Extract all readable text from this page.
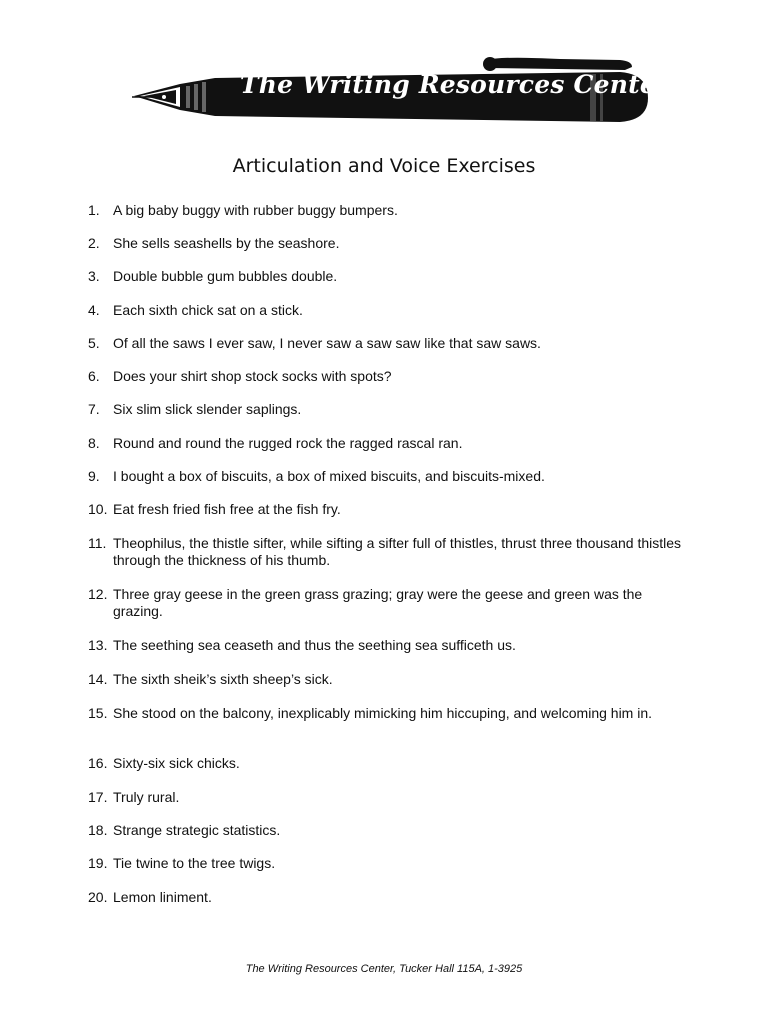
The Writing Resources Center
Articulation and Voice Exercises
1. A big baby buggy with rubber buggy bumpers.
2. She sells seashells by the seashore.
3. Double bubble gum bubbles double.
4. Each sixth chick sat on a stick.
5. Of all the saws I ever saw, I never saw a saw saw like that saw saws.
6. Does your shirt shop stock socks with spots?
7. Six slim slick slender saplings.
8. Round and round the rugged rock the ragged rascal ran.
9. I bought a box of biscuits, a box of mixed biscuits, and biscuits-mixed.
10. Eat fresh fried fish free at the fish fry.
11. Theophilus, the thistle sifter, while sifting a sifter full of thistles, thrust three thousand thistles through the thickness of his thumb.
12. Three gray geese in the green grass grazing; gray were the geese and green was the grazing.
13. The seething sea ceaseth and thus the seething sea sufficeth us.
14. The sixth sheik’s sixth sheep’s sick.
15. She stood on the balcony, inexplicably mimicking him hiccuping, and welcoming him in.
16. Sixty-six sick chicks.
17. Truly rural.
18. Strange strategic statistics.
19. Tie twine to the tree twigs.
20. Lemon liniment.
The Writing Resources Center, Tucker Hall 115A, 1-3925
